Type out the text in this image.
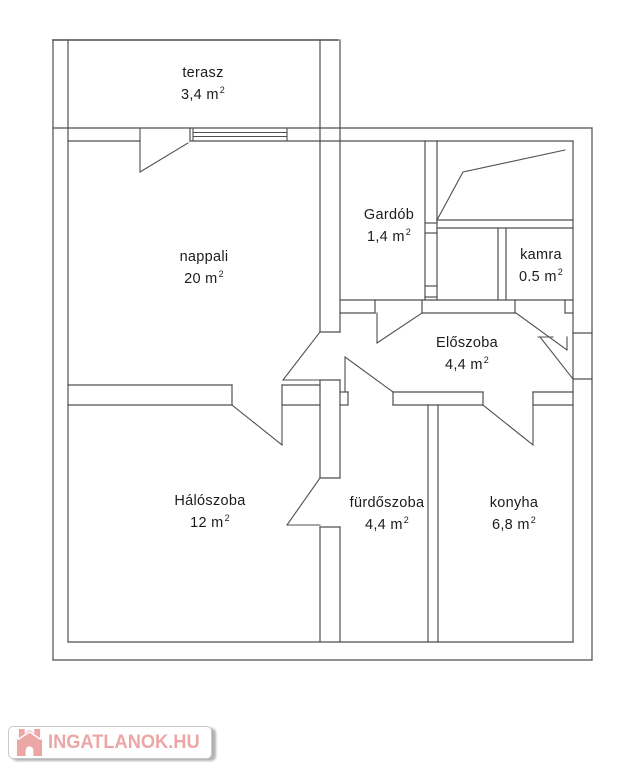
terasz
3,4 $m^2$
nappali
20 $m^2$
Gardób
1,4 $m^2$
kamra
0.5 $m^2$
Előszoba
4,4 $m^2$
Hálószoba
12 $m^2$
fürdőszoba
4,4 $m^2$
konyha
6,8 $m^2$
INGATLANOK.HU
